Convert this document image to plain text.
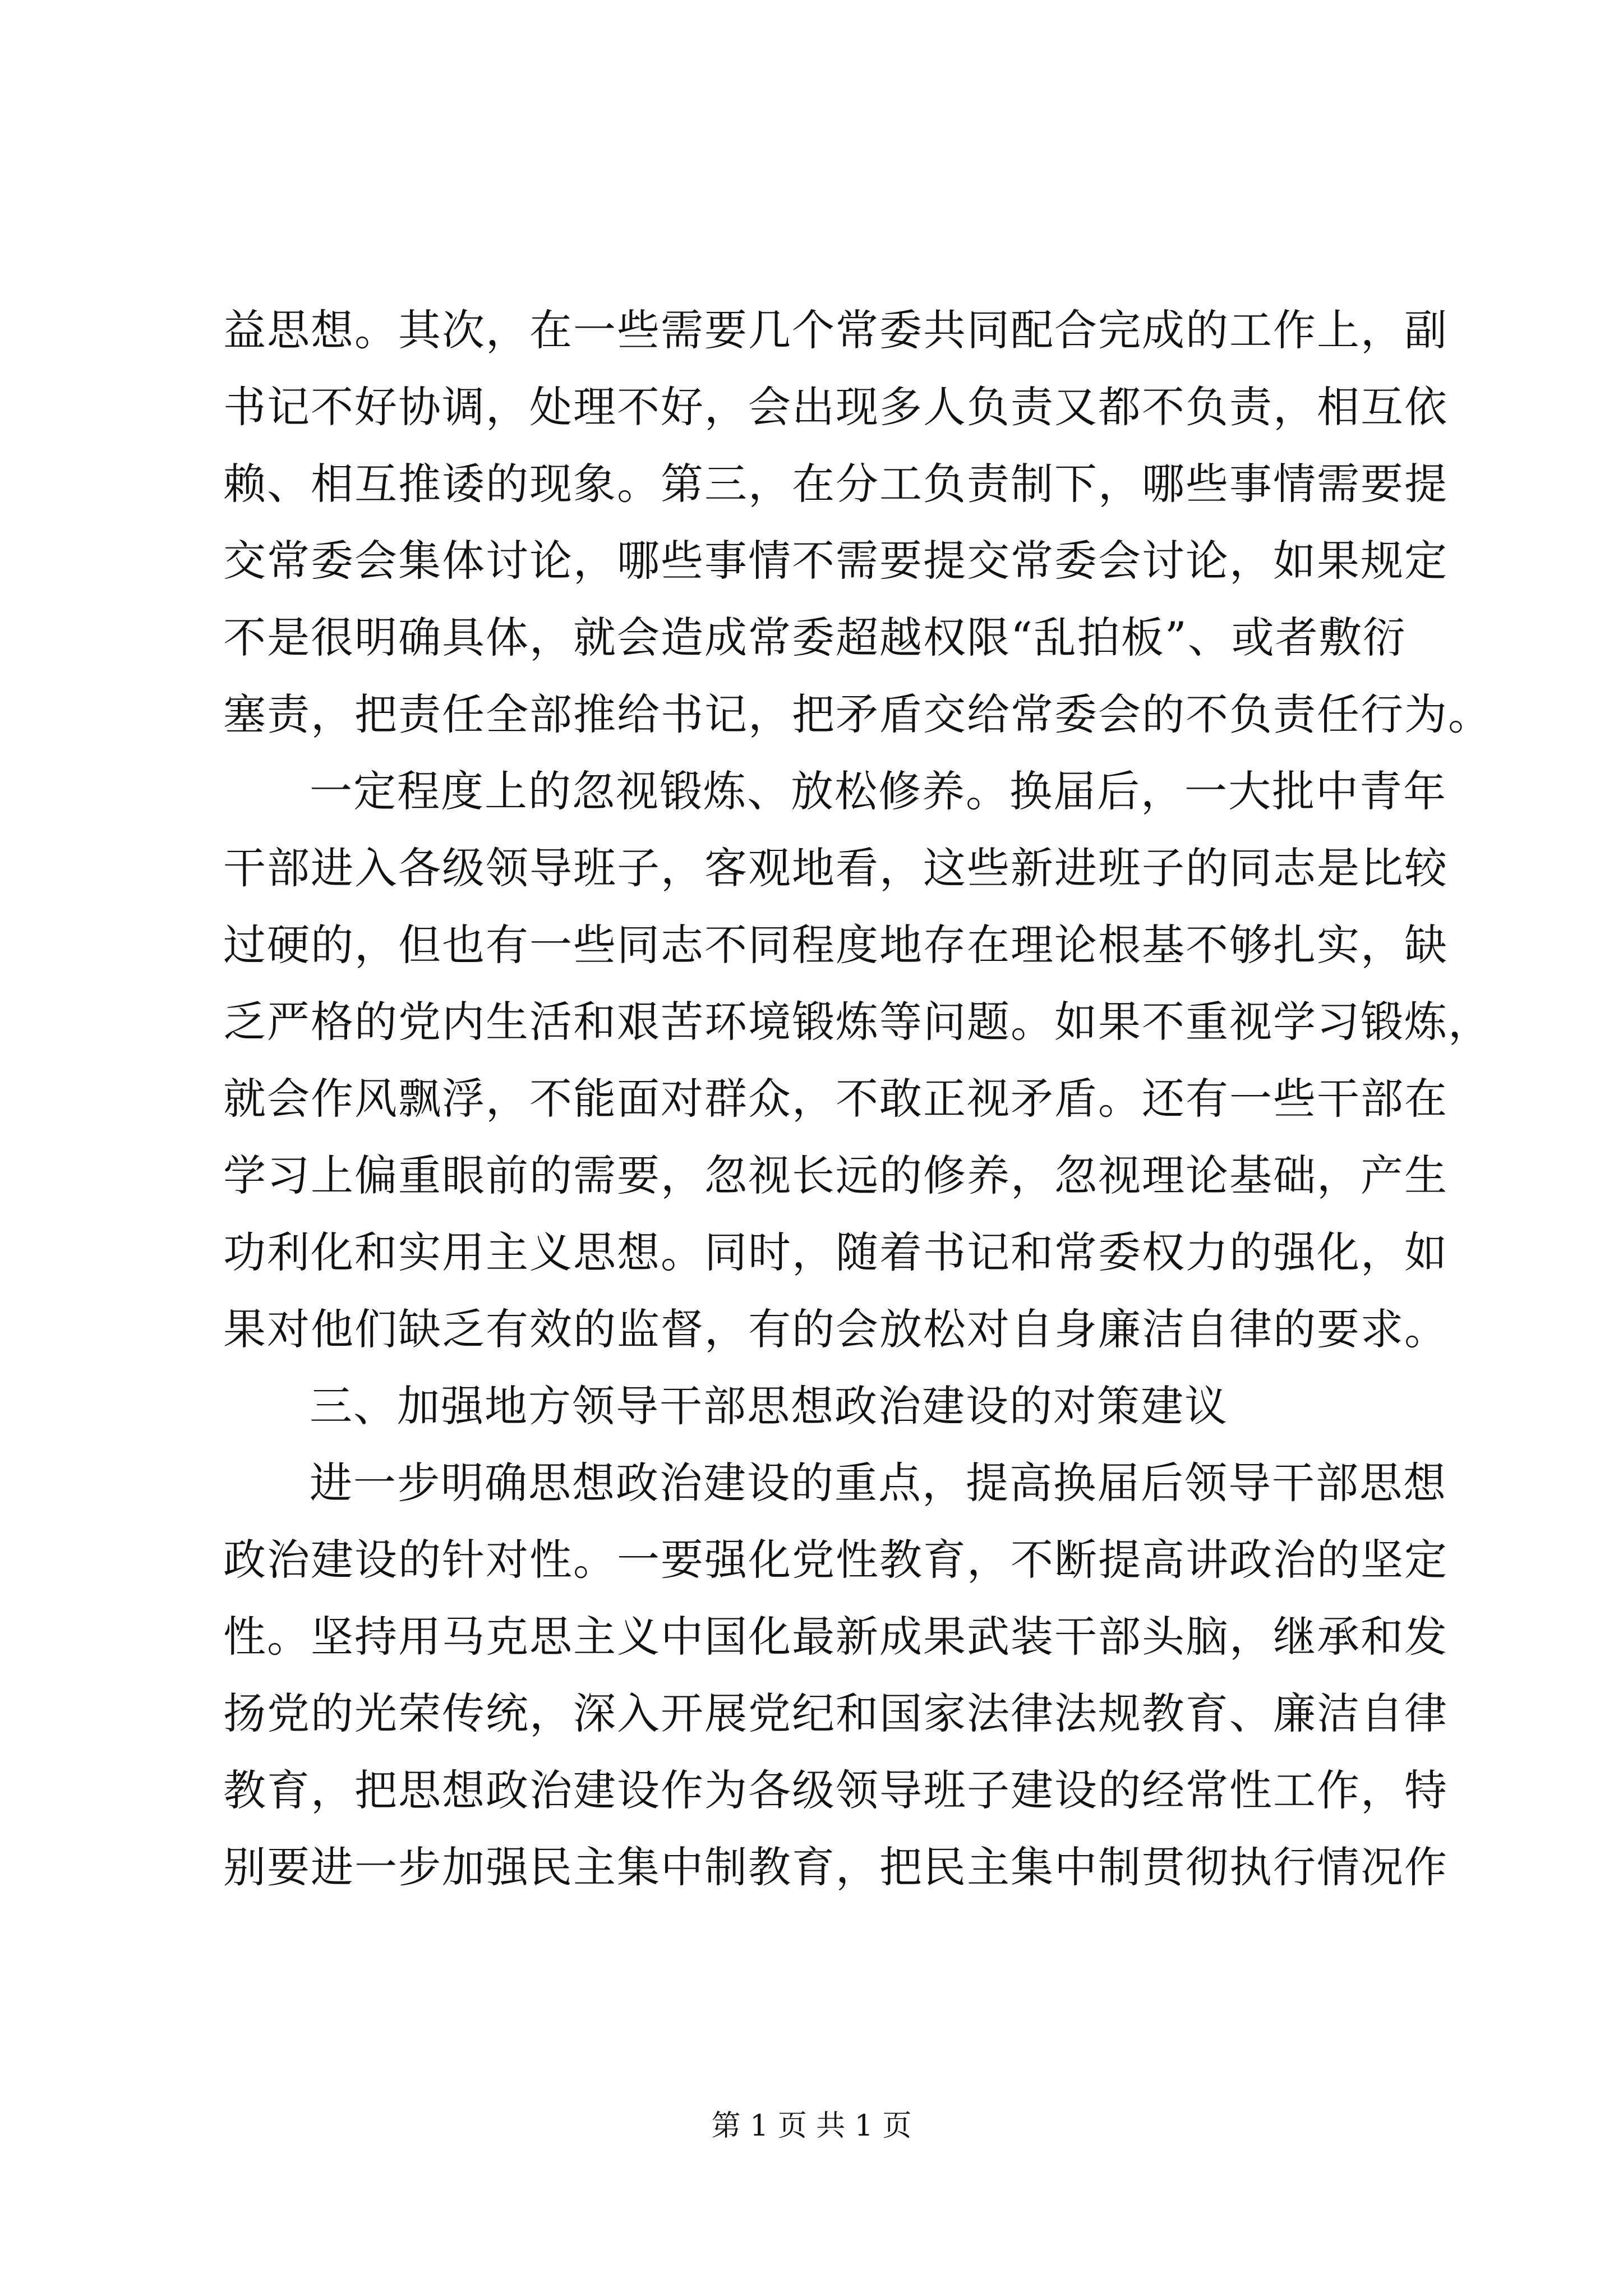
益思想。其次，在一些需要几个常委共同配合完成的工作上，副
书记不好协调，处理不好，会出现多人负责又都不负责，相互依
赖、相互推诿的现象。第三，在分工负责制下，哪些事情需要提
交常委会集体讨论，哪些事情不需要提交常委会讨论，如果规定
不是很明确具体，就会造成常委超越权限“乱拍板”、或者敷衍
塞责，把责任全部推给书记，把矛盾交给常委会的不负责任行为。
一定程度上的忽视锻炼、放松修养。换届后，一大批中青年
干部进入各级领导班子，客观地看，这些新进班子的同志是比较
过硬的，但也有一些同志不同程度地存在理论根基不够扎实，缺
乏严格的党内生活和艰苦环境锻炼等问题。如果不重视学习锻炼，
就会作风飘浮，不能面对群众，不敢正视矛盾。还有一些干部在
学习上偏重眼前的需要，忽视长远的修养，忽视理论基础，产生
功利化和实用主义思想。同时，随着书记和常委权力的强化，如
果对他们缺乏有效的监督，有的会放松对自身廉洁自律的要求。
三、加强地方领导干部思想政治建设的对策建议
进一步明确思想政治建设的重点，提高换届后领导干部思想
政治建设的针对性。一要强化党性教育，不断提高讲政治的坚定
性。坚持用马克思主义中国化最新成果武装干部头脑，继承和发
扬党的光荣传统，深入开展党纪和国家法律法规教育、廉洁自律
教育，把思想政治建设作为各级领导班子建设的经常性工作，特
别要进一步加强民主集中制教育，把民主集中制贯彻执行情况作
第 1 页 共 1 页
